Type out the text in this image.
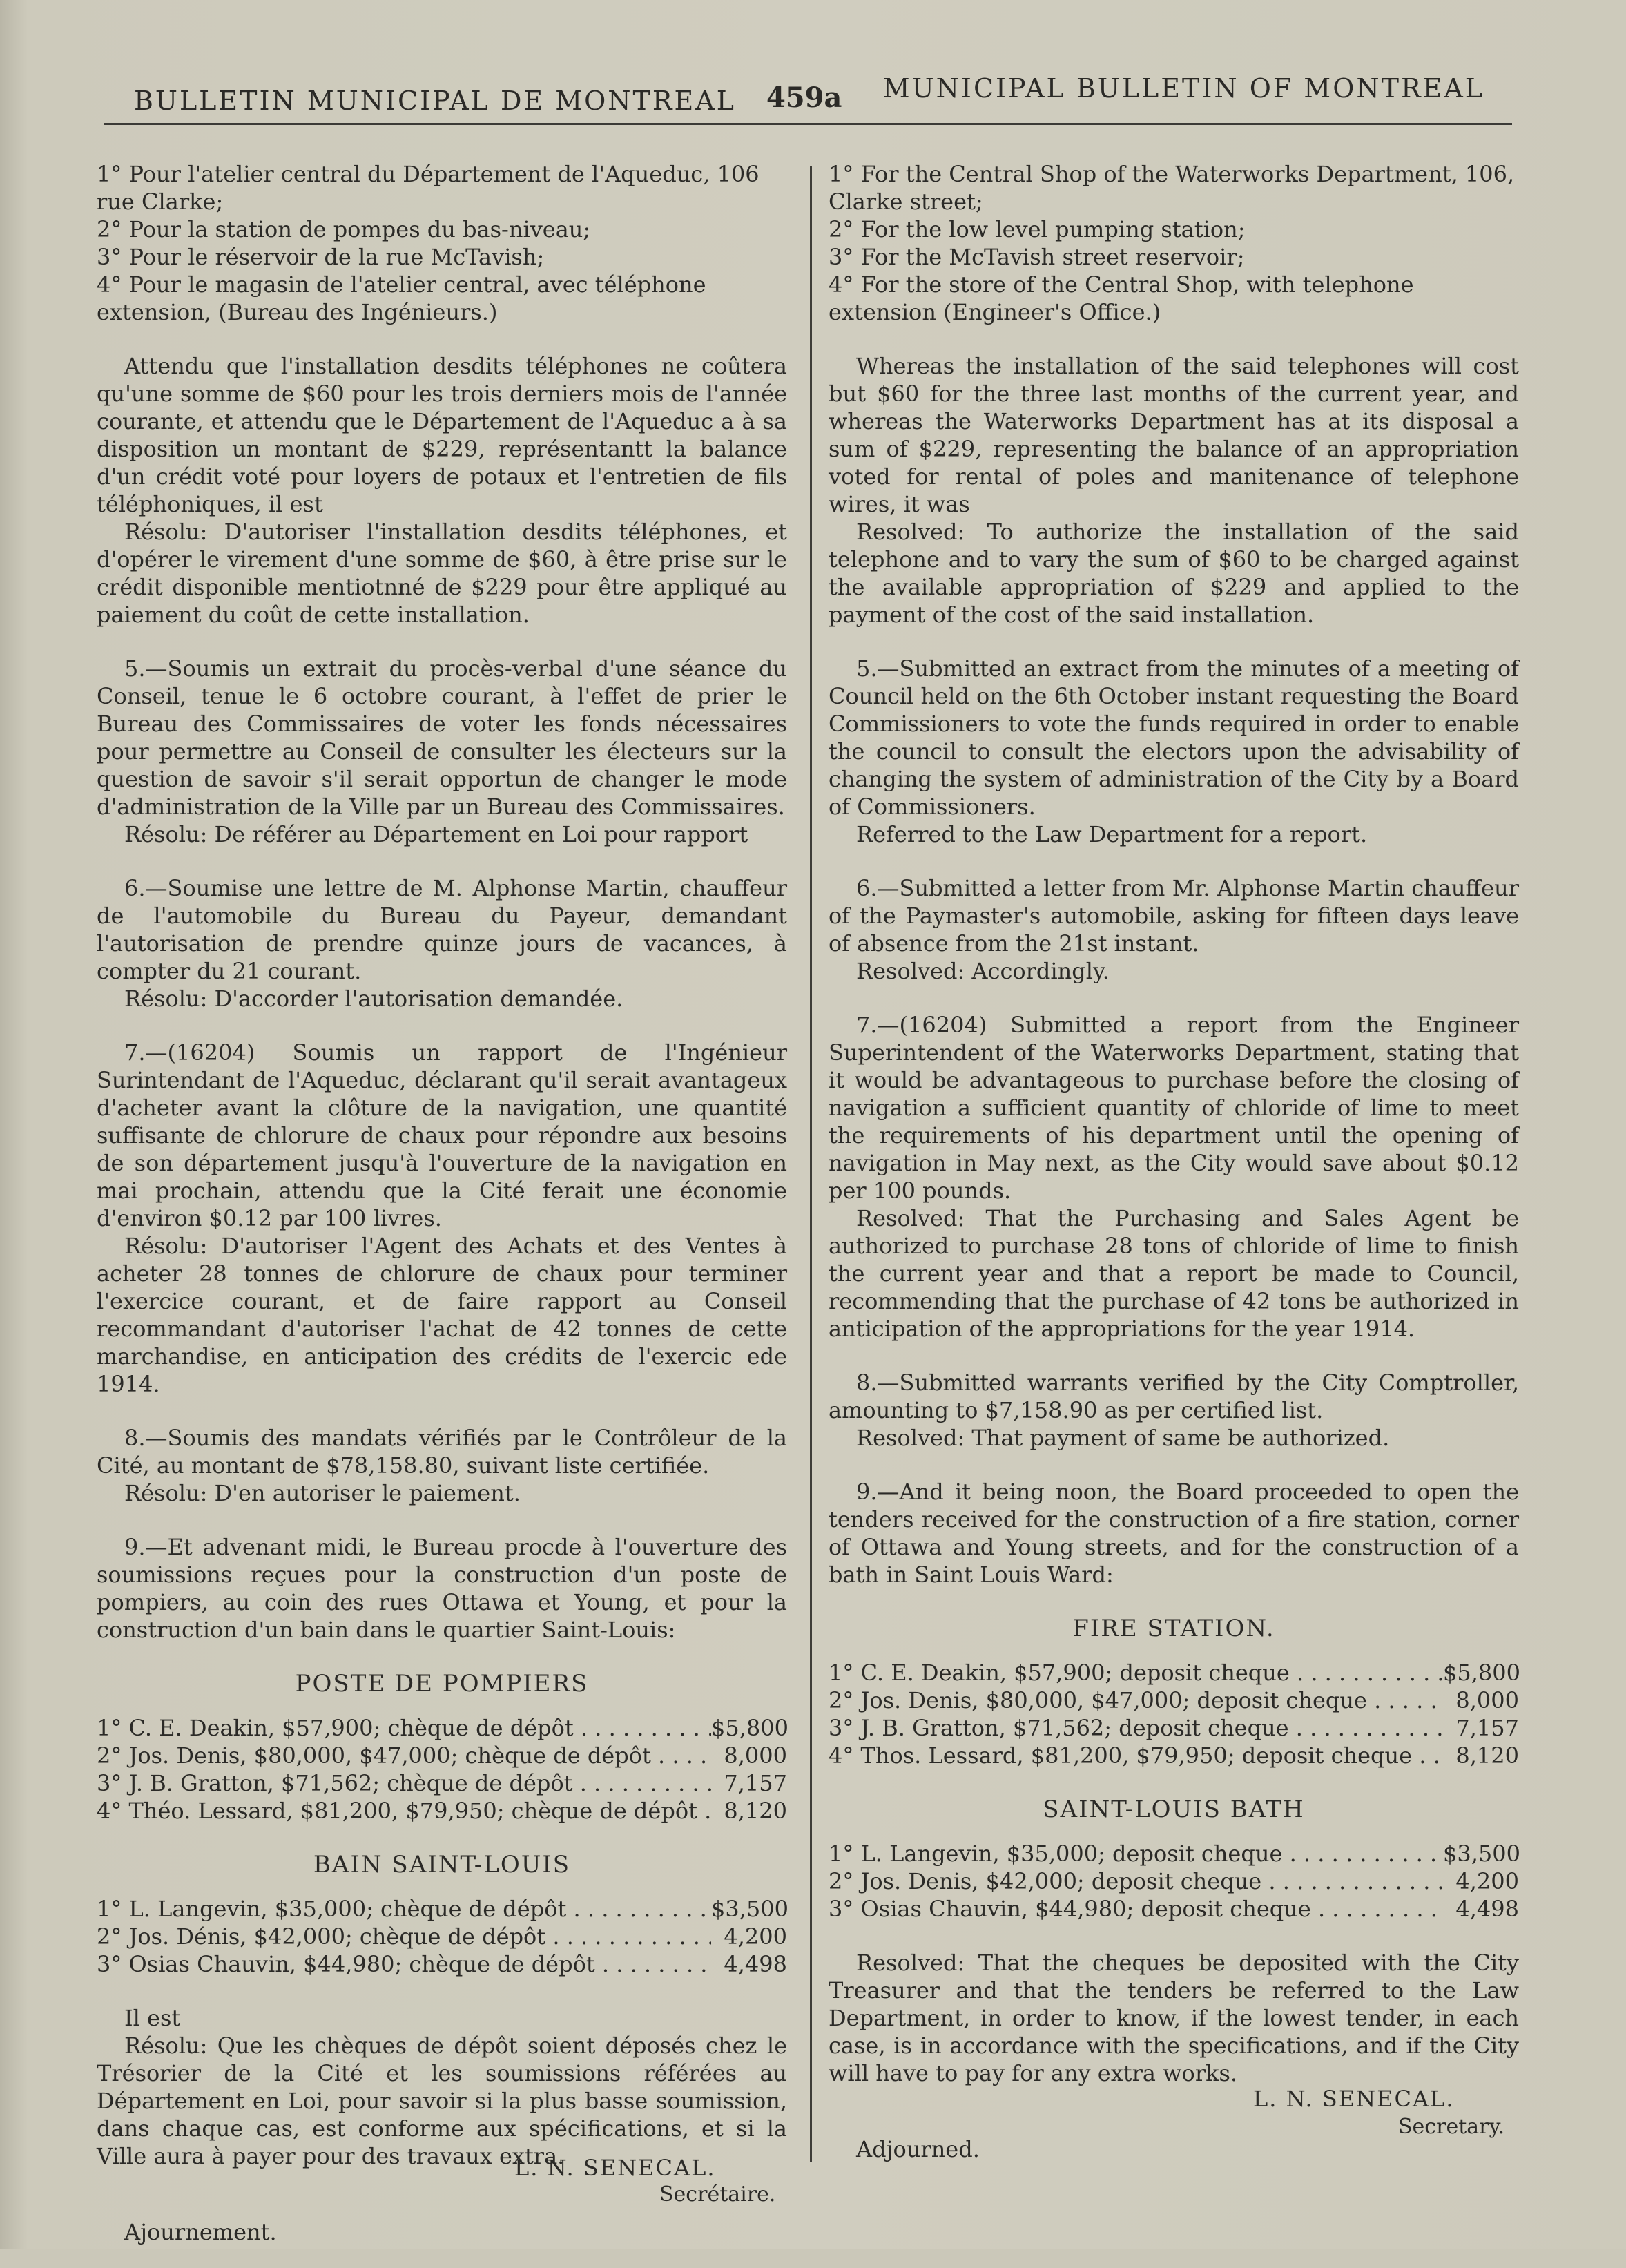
BULLETIN MUNICIPAL DE MONTREAL 459a MUNICIPAL BULLETIN OF MONTREAL

1° Pour l'atelier central du Département de l'Aqueduc, 106 rue Clarke;

2° Pour la station de pompes du bas-niveau;

3° Pour le réservoir de la rue McTavish;

4° Pour le magasin de l'atelier central, avec téléphone extension, (Bureau des Ingénieurs.)

Attendu que l'installation desdits téléphones ne coûtera qu'une somme de $60 pour les trois derniers mois de l'année courante, et attendu que le Département de l'Aqueduc a à sa disposition un montant de $229, représentantt la balance d'un crédit voté pour loyers de potaux et l'entretien de fils téléphoniques, il est

Résolu: D'autoriser l'installation desdits téléphones, et d'opérer le virement d'une somme de $60, à être prise sur le crédit disponible mentiotnné de $229 pour être appliqué au paiement du coût de cette installation.

5.—Soumis un extrait du procès-verbal d'une séance du Conseil, tenue le 6 octobre courant, à l'effet de prier le Bureau des Commissaires de voter les fonds nécessaires pour permettre au Conseil de consulter les électeurs sur la question de savoir s'il serait opportun de changer le mode d'administration de la Ville par un Bureau des Commissaires.

Résolu: De référer au Département en Loi pour rapport

6.—Soumise une lettre de M. Alphonse Martin, chauffeur de l'automobile du Bureau du Payeur, demandant l'autorisation de prendre quinze jours de vacances, à compter du 21 courant.

Résolu: D'accorder l'autorisation demandée.

7.—(16204) Soumis un rapport de l'Ingénieur Surintendant de l'Aqueduc, déclarant qu'il serait avantageux d'acheter avant la clôture de la navigation, une quantité suffisante de chlorure de chaux pour répondre aux besoins de son département jusqu'à l'ouverture de la navigation en mai prochain, attendu que la Cité ferait une économie d'environ $0.12 par 100 livres.

Résolu: D'autoriser l'Agent des Achats et des Ventes à acheter 28 tonnes de chlorure de chaux pour terminer l'exercice courant, et de faire rapport au Conseil recommandant d'autoriser l'achat de 42 tonnes de cette marchandise, en anticipation des crédits de l'exercic ede 1914.

8.—Soumis des mandats vérifiés par le Contrôleur de la Cité, au montant de $78,158.80, suivant liste certifiée.

Résolu: D'en autoriser le paiement.

9.—Et advenant midi, le Bureau procde à l'ouverture des soumissions reçues pour la construction d'un poste de pompiers, au coin des rues Ottawa et Young, et pour la construction d'un bain dans le quartier Saint-Louis:

POSTE DE POMPIERS
1° C. E. Deakin, $57,900; chèque de dépôt . . .	$5,800
2° Jos. Denis, $80,000, $47,000; chèque de dépôt . . .	8,000
3° J. B. Gratton, $71,562; chèque de dépôt . . .	7,157
4° Théo. Lessard, $81,200, $79,950; chèque de dépôt . . .	8,120
BAIN SAINT-LOUIS
1° L. Langevin, $35,000; chèque de dépôt . . .	$3,500
2° Jos. Dénis, $42,000; chèque de dépôt . . .	4,200
3° Osias Chauvin, $44,980; chèque de dépôt . . .	4,498

Il est

Résolu: Que les chèques de dépôt soient déposés chez le Trésorier de la Cité et les soumissions référées au Département en Loi, pour savoir si la plus basse soumission, dans chaque cas, est conforme aux spécifications, et si la Ville aura à payer pour des travaux extra.

Ajournement.

L. N. SENECAL.
Secrétaire.

1° For the Central Shop of the Waterworks Department, 106, Clarke street;

2° For the low level pumping station;

3° For the McTavish street reservoir;

4° For the store of the Central Shop, with telephone extension (Engineer's Office.)

Whereas the installation of the said telephones will cost but $60 for the three last months of the current year, and whereas the Waterworks Department has at its disposal a sum of $229, representing the balance of an appropriation voted for rental of poles and manitenance of telephone wires, it was

Resolved: To authorize the installation of the said telephone and to vary the sum of $60 to be charged against the available appropriation of $229 and applied to the payment of the cost of the said installation.

5.—Submitted an extract from the minutes of a meeting of Council held on the 6th October instant requesting the Board Commissioners to vote the funds required in order to enable the council to consult the electors upon the advisability of changing the system of administration of the City by a Board of Commissioners.

Referred to the Law Department for a report.

6.—Submitted a letter from Mr. Alphonse Martin chauffeur of the Paymaster's automobile, asking for fifteen days leave of absence from the 21st instant.

Resolved: Accordingly.

7.—(16204) Submitted a report from the Engineer Superintendent of the Waterworks Department, stating that it would be advantageous to purchase before the closing of navigation a sufficient quantity of chloride of lime to meet the requirements of his department until the opening of navigation in May next, as the City would save about $0.12 per 100 pounds.

Resolved: That the Purchasing and Sales Agent be authorized to purchase 28 tons of chloride of lime to finish the current year and that a report be made to Council, recommending that the purchase of 42 tons be authorized in anticipation of the appropriations for the year 1914.

8.—Submitted warrants verified by the City Comptroller, amounting to $7,158.90 as per certified list.

Resolved: That payment of same be authorized.

9.—And it being noon, the Board proceeded to open the tenders received for the construction of a fire station, corner of Ottawa and Young streets, and for the construction of a bath in Saint Louis Ward:

FIRE STATION.
1° C. E. Deakin, $57,900; deposit cheque . . .	$5,800
2° Jos. Denis, $80,000, $47,000; deposit cheque . . .	8,000
3° J. B. Gratton, $71,562; deposit cheque . . .	7,157
4° Thos. Lessard, $81,200, $79,950; deposit cheque . . .	8,120
SAINT-LOUIS BATH
1° L. Langevin, $35,000; deposit cheque . . .	$3,500
2° Jos. Denis, $42,000; deposit cheque . . .	4,200
3° Osias Chauvin, $44,980; deposit cheque . . .	4,498

Resolved: That the cheques be deposited with the City Treasurer and that the tenders be referred to the Law Department, in order to know, if the lowest tender, in each case, is in accordance with the specifications, and if the City will have to pay for any extra works.

Adjourned.

L. N. SENECAL.
Secretary.
